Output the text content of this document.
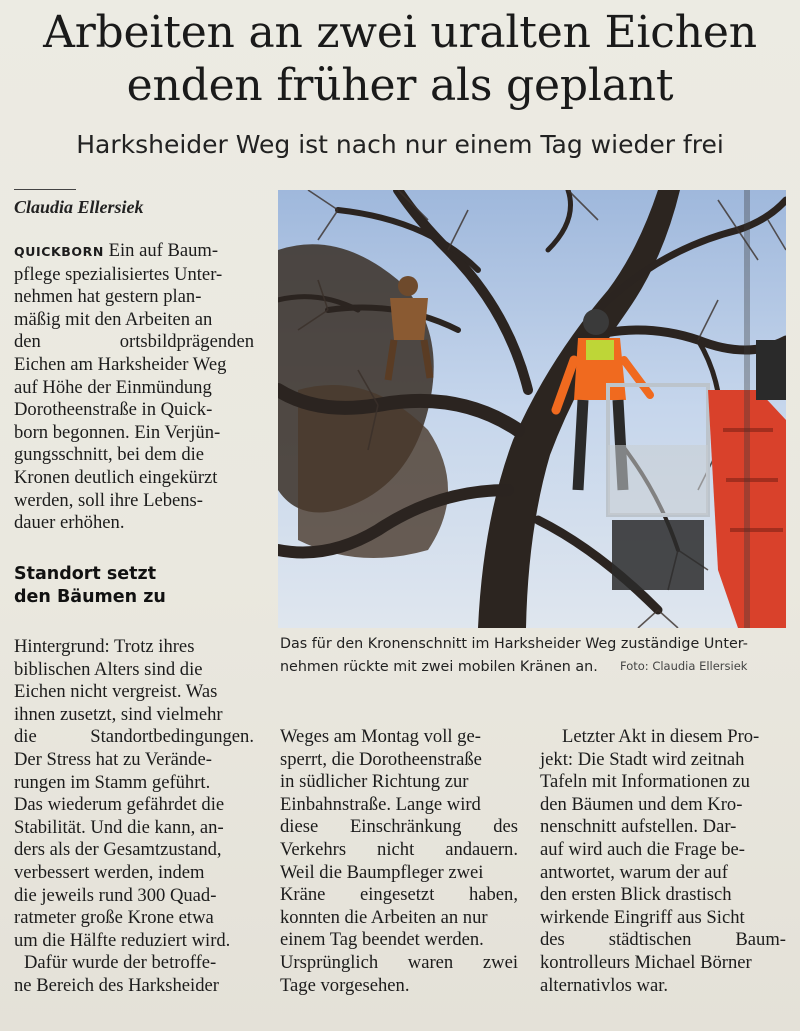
Arbeiten an zwei uralten Eichen
enden früher als geplant
Harksheider Weg ist nach nur einem Tag wieder frei
Claudia Ellersiek

QUICKBORN Ein auf Baum-

pflege spezialisiertes Unter-

nehmen hat gestern plan-

mäßig mit den Arbeiten an

den ortsbildprägenden

Eichen am Harksheider Weg

auf Höhe der Einmündung

Dorotheenstraße in Quick-

born begonnen. Ein Verjün-

gungsschnitt, bei dem die

Kronen deutlich eingekürzt

werden, soll ihre Lebens-

dauer erhöhen.

Standort setzt
den Bäumen zu
Das für den Kronenschnitt im Harksheider Weg zuständige Unter-
nehmen rückte mit zwei mobilen Kränen an.	Foto: Claudia Ellersiek

Hintergrund: Trotz ihres

biblischen Alters sind die

Eichen nicht vergreist. Was

ihnen zusetzt, sind vielmehr

die Standortbedingungen.

Der Stress hat zu Verände-

rungen im Stamm geführt.

Das wiederum gefährdet die

Stabilität. Und die kann, an-

ders als der Gesamtzustand,

verbessert werden, indem

die jeweils rund 300 Quad-

ratmeter große Krone etwa

um die Hälfte reduziert wird.

Dafür wurde der betroffe-

ne Bereich des Harksheider

Weges am Montag voll ge-

sperrt, die Dorotheenstraße

in südlicher Richtung zur

Einbahnstraße. Lange wird

diese Einschränkung des

Verkehrs nicht andauern.

Weil die Baumpfleger zwei

Kräne eingesetzt haben,

konnten die Arbeiten an nur

einem Tag beendet werden.

Ursprünglich waren zwei

Tage vorgesehen.

Letzter Akt in diesem Pro-

jekt: Die Stadt wird zeitnah

Tafeln mit Informationen zu

den Bäumen und dem Kro-

nenschnitt aufstellen. Dar-

auf wird auch die Frage be-

antwortet, warum der auf

den ersten Blick drastisch

wirkende Eingriff aus Sicht

des städtischen Baum-

kontrolleurs Michael Börner

alternativlos war.
